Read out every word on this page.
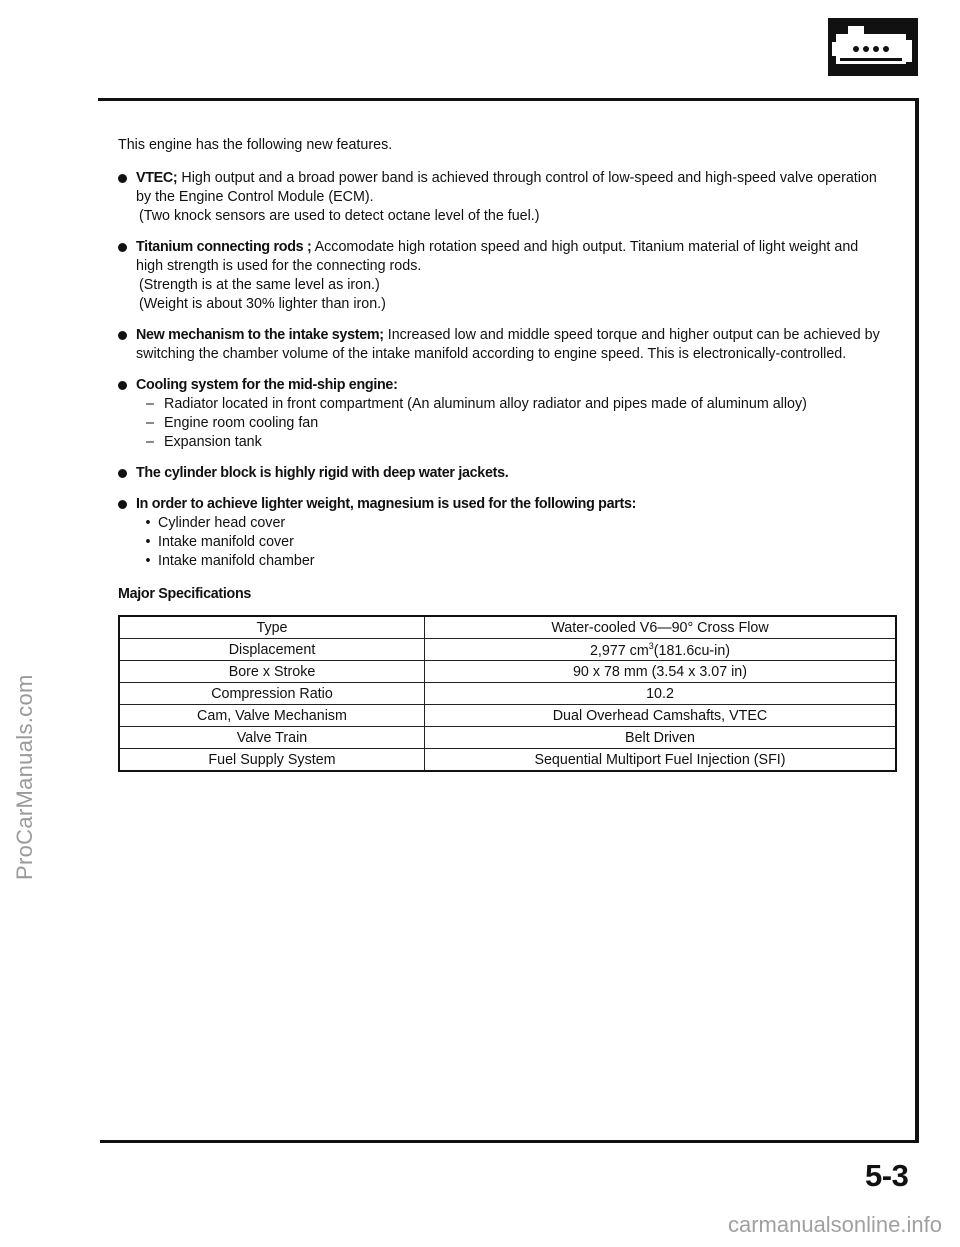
This engine has the following new features.

VTEC; High output and a broad power band is achieved through control of low-speed and high-speed valve operation
by the Engine Control Module (ECM).
(Two knock sensors are used to detect octane level of the fuel.)
Titanium connecting rods ; Accomodate high rotation speed and high output. Titanium material of light weight and
high strength is used for the connecting rods.
(Strength is at the same level as iron.)
(Weight is about 30% lighter than iron.)
New mechanism to the intake system; Increased low and middle speed torque and higher output can be achieved by
switching the chamber volume of the intake manifold according to engine speed. This is electronically-controlled.
Cooling system for the mid-ship engine:
– Radiator located in front compartment (An aluminum alloy radiator and pipes made of aluminum alloy)
– Engine room cooling fan
– Expansion tank
The cylinder block is highly rigid with deep water jackets.
In order to achieve lighter weight, magnesium is used for the following parts:
• Cylinder head cover
• Intake manifold cover
• Intake manifold chamber
Major Specifications
Type	Water-cooled V6—90° Cross Flow
Displacement	2,977 $cm^3(181.6cu-in)$
Bore x Stroke	90 x 78 mm (3.54 x 3.07 in)
Compression Ratio	10.2
Cam, Valve Mechanism	Dual Overhead Camshafts, VTEC
Valve Train	Belt Driven
Fuel Supply System	Sequential Multiport Fuel Injection (SFI)
ProCarManuals.com
5-3
carmanualsonline.info
